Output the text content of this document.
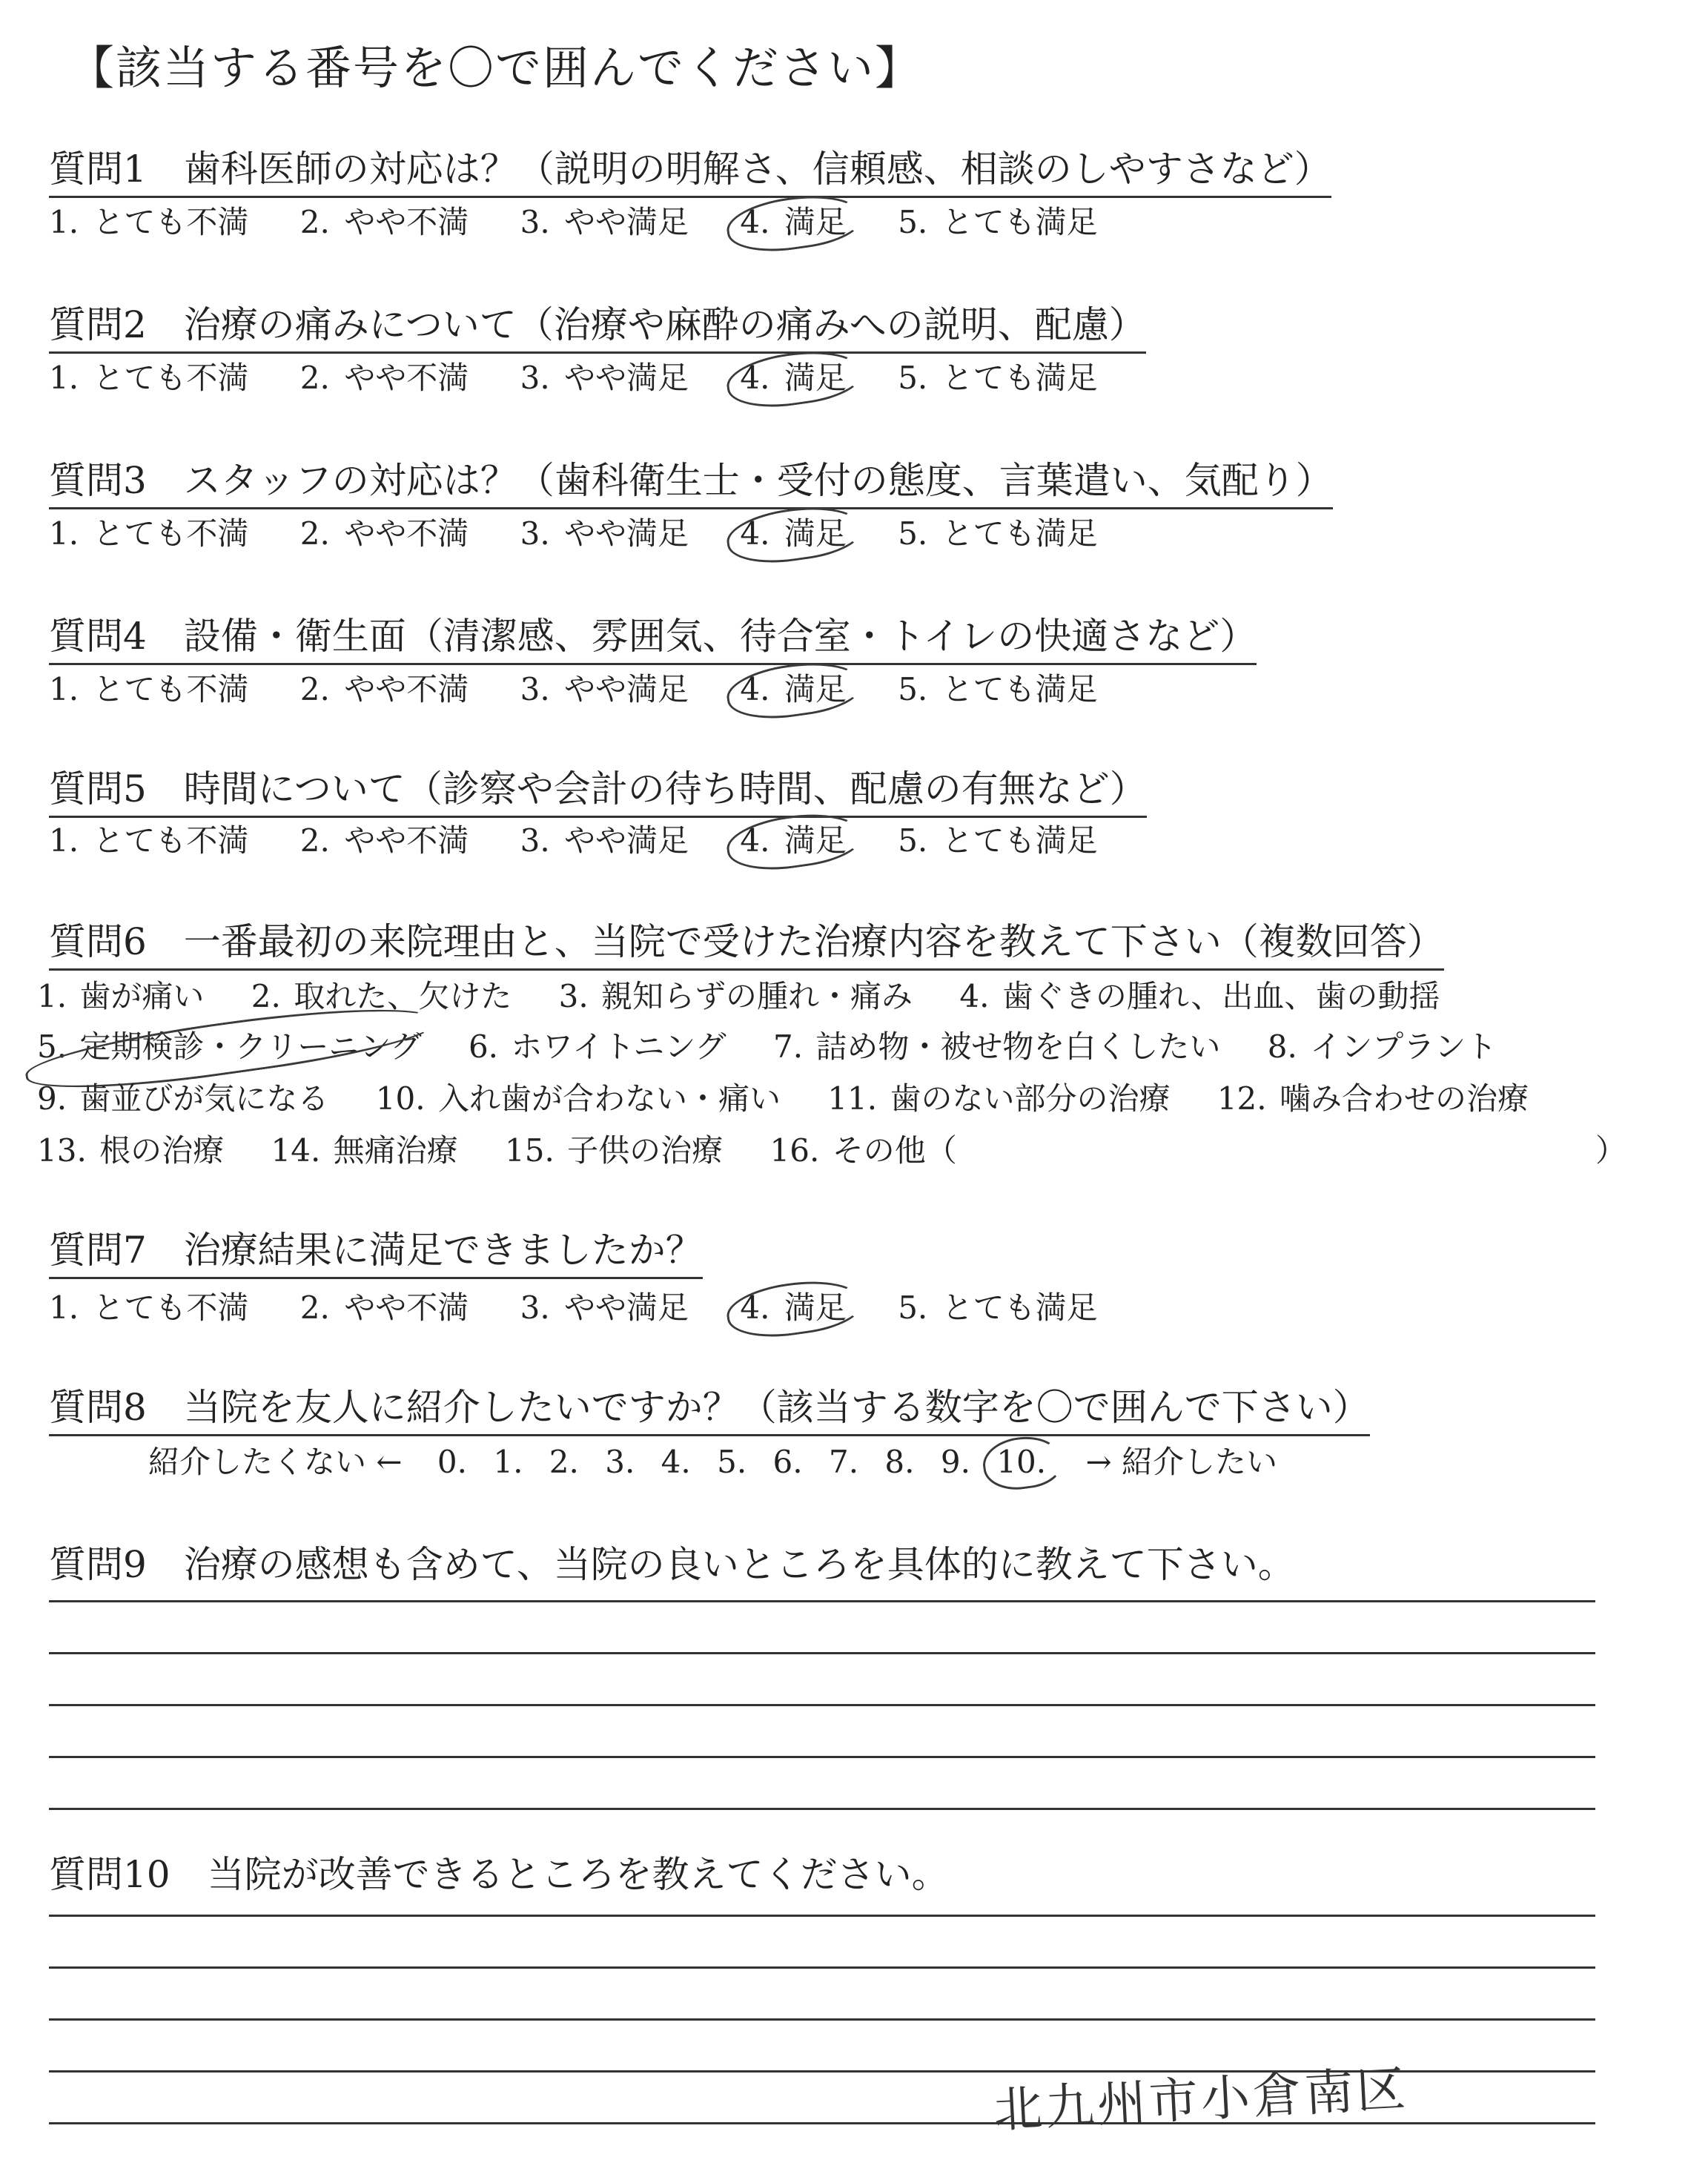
【該当する番号を〇で囲んでください】
質問1　歯科医師の対応は？（説明の明解さ、信頼感、相談のしやすさなど）
1. とても不満 2. やや不満 3. やや満足 4. 満足 5. とても満足
質問2　治療の痛みについて（治療や麻酔の痛みへの説明、配慮）
1. とても不満 2. やや不満 3. やや満足 4. 満足 5. とても満足
質問3　スタッフの対応は？（歯科衛生士・受付の態度、言葉遣い、気配り）
1. とても不満 2. やや不満 3. やや満足 4. 満足 5. とても満足
質問4　設備・衛生面（清潔感、雰囲気、待合室・トイレの快適さなど）
1. とても不満 2. やや不満 3. やや満足 4. 満足 5. とても満足
質問5　時間について（診察や会計の待ち時間、配慮の有無など）
1. とても不満 2. やや不満 3. やや満足 4. 満足 5. とても満足
質問6　一番最初の来院理由と、当院で受けた治療内容を教えて下さい（複数回答）
1. 歯が痛い 2. 取れた、欠けた 3. 親知らずの腫れ・痛み 4. 歯ぐきの腫れ、出血、歯の動揺
5. 定期検診・クリーニング 6. ホワイトニング 7. 詰め物・被せ物を白くしたい 8. インプラント
9. 歯並びが気になる 10. 入れ歯が合わない・痛い 11. 歯のない部分の治療 12. 噛み合わせの治療
13. 根の治療 14. 無痛治療 15. 子供の治療 16. その他（	）
質問7　治療結果に満足できましたか？
1. とても不満 2. やや不満 3. やや満足 4. 満足 5. とても満足
質問8　当院を友人に紹介したいですか？（該当する数字を〇で囲んで下さい）
紹介したくない ← 0. 1. 2. 3. 4. 5. 6. 7. 8. 9. 10. → 紹介したい
質問9　治療の感想も含めて、当院の良いところを具体的に教えて下さい。
質問10　当院が改善できるところを教えてください。
北九州市小倉南区
